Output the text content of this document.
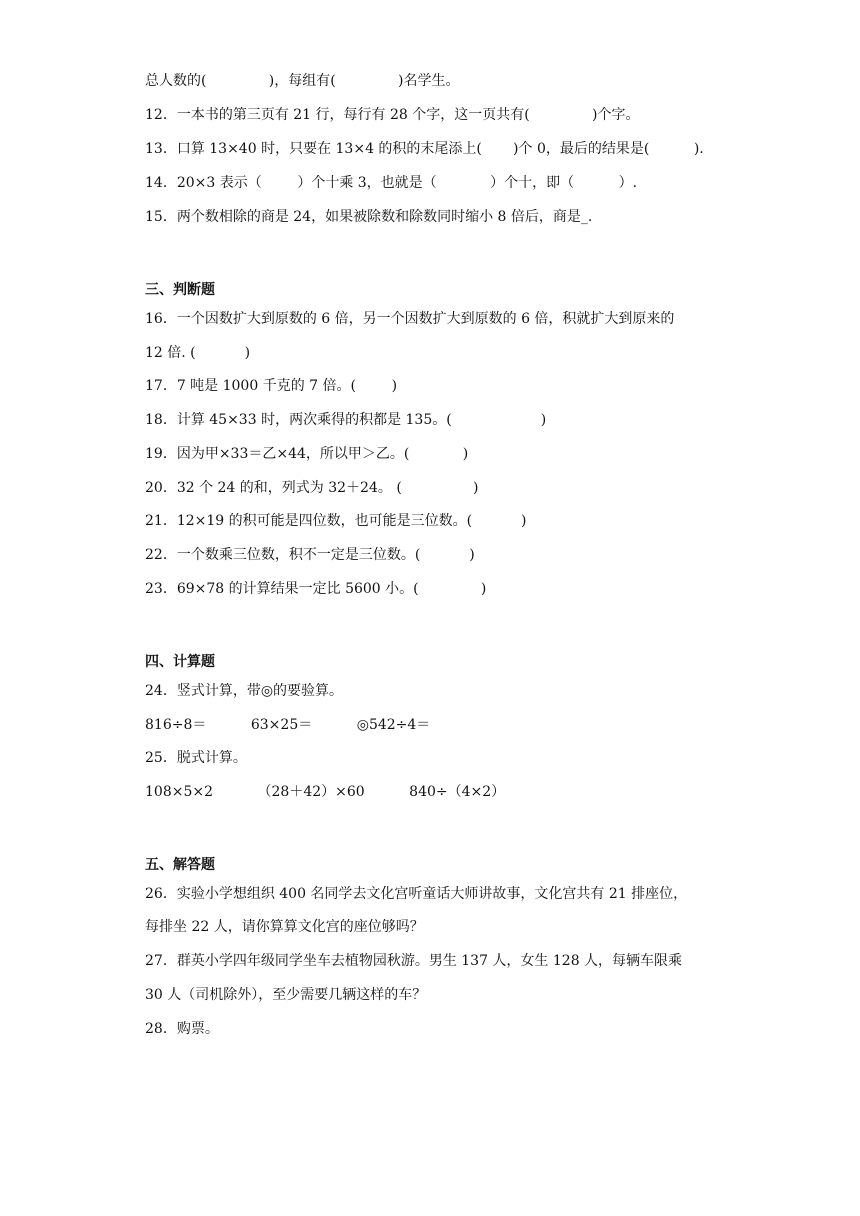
总人数的(              )，每组有(              )名学生。
12．一本书的第三页有 21 行，每行有 28 个字，这一页共有(              )个字。
13．口算 13×40 时，只要在 13×4 的积的末尾添上(       )个 0，最后的结果是(          ).
14．20×3 表示（        ）个十乘 3，也就是（            ）个十，即（          ）.
15．两个数相除的商是 24，如果被除数和除数同时缩小 8 倍后，商是_.
三、判断题
16．一个因数扩大到原数的 6 倍，另一个因数扩大到原数的 6 倍，积就扩大到原来的
12 倍. (           )
17．7 吨是 1000 千克的 7 倍。(        )
18．计算 45×33 时，两次乘得的积都是 135。(                    )
19．因为甲×33＝乙×44，所以甲＞乙。(            )
20．32 个 24 的和，列式为 32＋24。 (                )
21．12×19 的积可能是四位数，也可能是三位数。(           )
22．一个数乘三位数，积不一定是三位数。(           )
23．69×78 的计算结果一定比 5600 小。(              )
四、计算题
24．竖式计算，带◎的要验算。
816÷8＝          63×25＝          ◎542÷4＝
25．脱式计算。
108×5×2          （28＋42）×60          840÷（4×2）
五、解答题
26．实验小学想组织 400 名同学去文化宫听童话大师讲故事，文化宫共有 21 排座位，
每排坐 22 人，请你算算文化宫的座位够吗？
27．群英小学四年级同学坐车去植物园秋游。男生 137 人，女生 128 人，每辆车限乘
30 人（司机除外），至少需要几辆这样的车？
28．购票。
